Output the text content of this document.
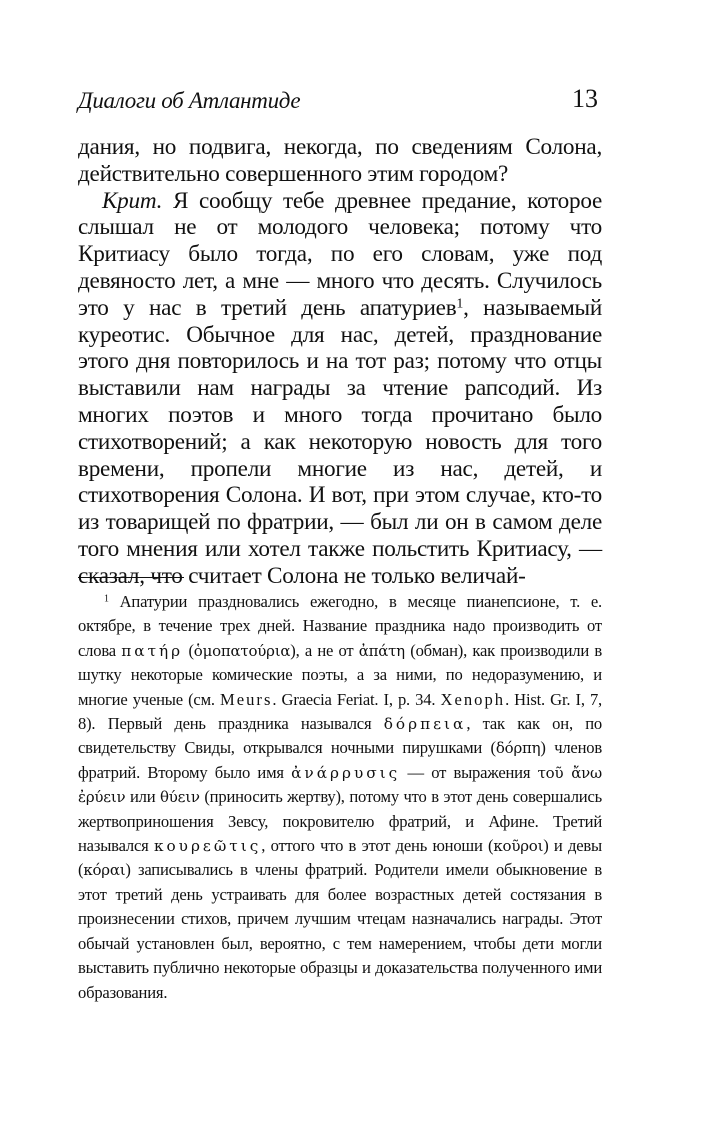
Диалоги об Атлантиде	13

дания, но подвига, некогда, по сведениям Солона, действительно совершенного этим городом?

Крит. Я сообщу тебе древнее предание, которое слышал не от молодого человека; потому что Критиасу было тогда, по его словам, уже под девяносто лет, а мне — много что десять. Случилось это у нас в третий день апатуриев$^1$, называемый куреотис. Обычное для нас, детей, празднование этого дня повторилось и на тот раз; потому что отцы выставили нам награды за чтение рапсодий. Из многих поэтов и много тогда прочитано было стихотворений; а как некоторую новость для того времени, пропели многие из нас, детей, и стихотворения Солона. И вот, при этом случае, кто-то из товарищей по фратрии, — был ли он в самом деле того мнения или хотел также польстить Критиасу, — сказал, что считает Солона не только величай-

$^1$ Апатурии праздновались ежегодно, в месяце пианепсионе, т. е. октябре, в течение трех дней. Название праздника надо производить от слова πατήρ (ὁμοπατούρια), а не от ἀπάτη (обман), как производили в шутку некоторые комические поэты, а за ними, по недоразумению, и многие ученые (см. Meurs. Graecia Feriat. I, p. 34. Xenoph. Hist. Gr. I, 7, 8). Первый день праздника назывался δόρπεια, так как он, по свидетельству Свиды, открывался ночными пирушками (δόρπη) членов фратрий. Второму было имя ἀνάρρυσις — от выражения τοῦ ἄνω ἐρύειν или θύειν (приносить жертву), потому что в этот день совершались жертвоприношения Зевсу, покровителю фратрий, и Афине. Третий назывался κουρεῶτις, оттого что в этот день юноши (κοῦροι) и девы (κόραι) записывались в члены фратрий. Родители имели обыкновение в этот третий день устраивать для более возрастных детей состязания в произнесении стихов, причем лучшим чтецам назначались награды. Этот обычай установлен был, вероятно, с тем намерением, чтобы дети могли выставить публично некоторые образцы и доказательства полученного ими образования.
